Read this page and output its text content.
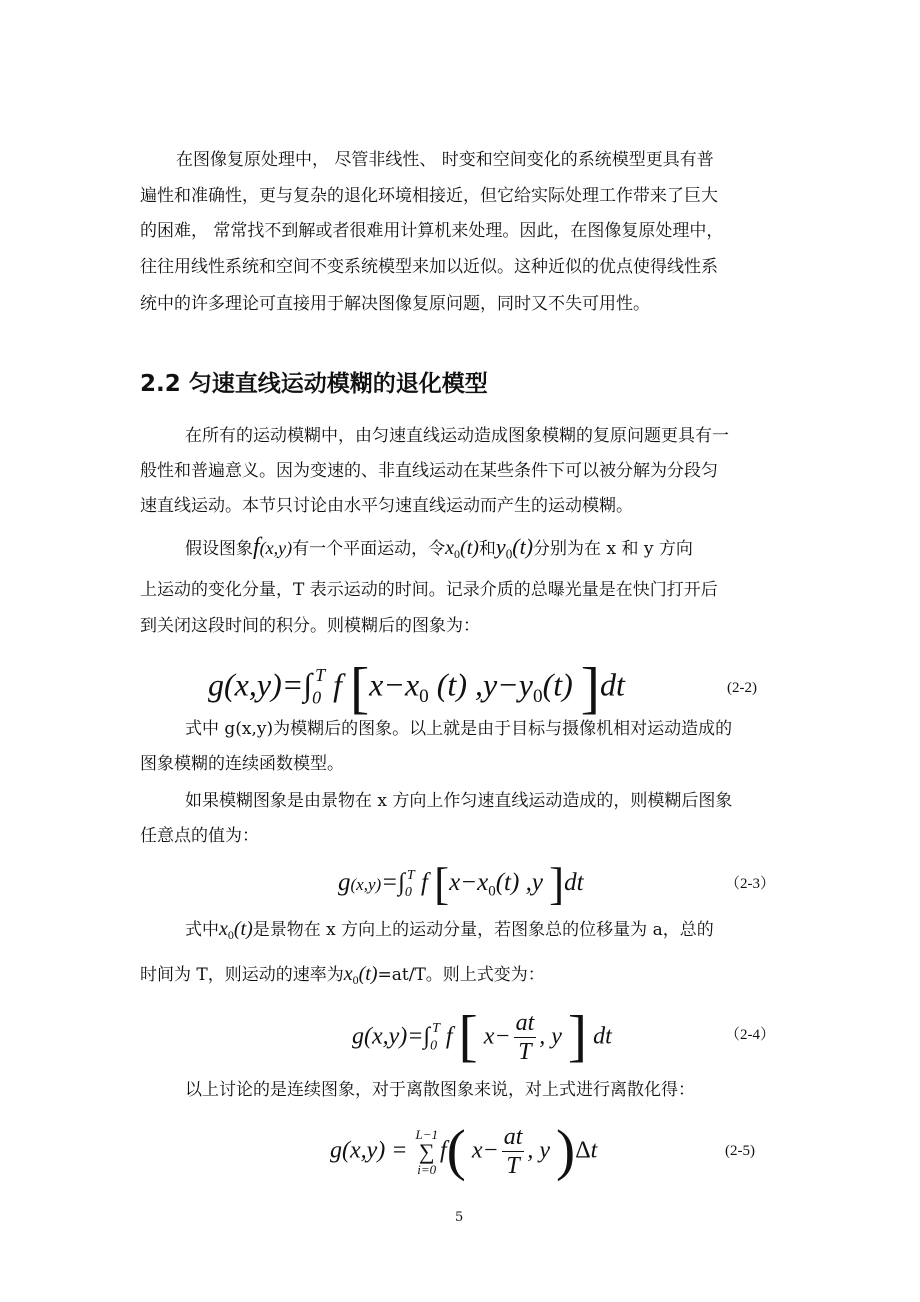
在图像复原处理中， 尽管非线性、 时变和空间变化的系统模型更具有普
遍性和准确性，更与复杂的退化环境相接近，但它给实际处理工作带来了巨大
的困难， 常常找不到解或者很难用计算机来处理。因此，在图像复原处理中，
往往用线性系统和空间不变系统模型来加以近似。这种近似的优点使得线性系
统中的许多理论可直接用于解决图像复原问题，同时又不失可用性。
2.2 匀速直线运动模糊的退化模型
在所有的运动模糊中，由匀速直线运动造成图象模糊的复原问题更具有一
般性和普遍意义。因为变速的、非直线运动在某些条件下可以被分解为分段匀
速直线运动。本节只讨论由水平匀速直线运动而产生的运动模糊。
假设图象f(x,y)有一个平面运动，令$x_0(t)$和$y_0(t)$分别为在 x 和 y 方向
上运动的变化分量，T 表示运动的时间。记录介质的总曝光量是在快门打开后
到关闭这段时间的积分。则模糊后的图象为：
$g(x,y)=\int_0^T$ f [$x-x_0$ (t) $,y-y_0(t)$ ]dt	(2-2)
式中 g(x,y)为模糊后的图象。以上就是由于目标与摄像机相对运动造成的
图象模糊的连续函数模型。
如果模糊图象是由景物在 x 方向上作匀速直线运动造成的，则模糊后图象
任意点的值为：
$g(x,y)=\int_0^T$ f [$x-x_0(t)$ ,y ]dt	（2-3）
式中$x_0(t)$是景物在 x 方向上的运动分量，若图象总的位移量为 a，总的
时间为 T，则运动的速率为$x_0(t)=at/T$。则上式变为：
$g(x,y)=\int_0^T$ f [ $x- \frac{at}{T}$ , y ] dt	（2-4）
以上讨论的是连续图象，对于离散图象来说，对上式进行离散化得：
g(x,y) =
L−1
∑
i=0
f( $x- \frac{at}{T}$ , y )Δt	(2-5)
5
